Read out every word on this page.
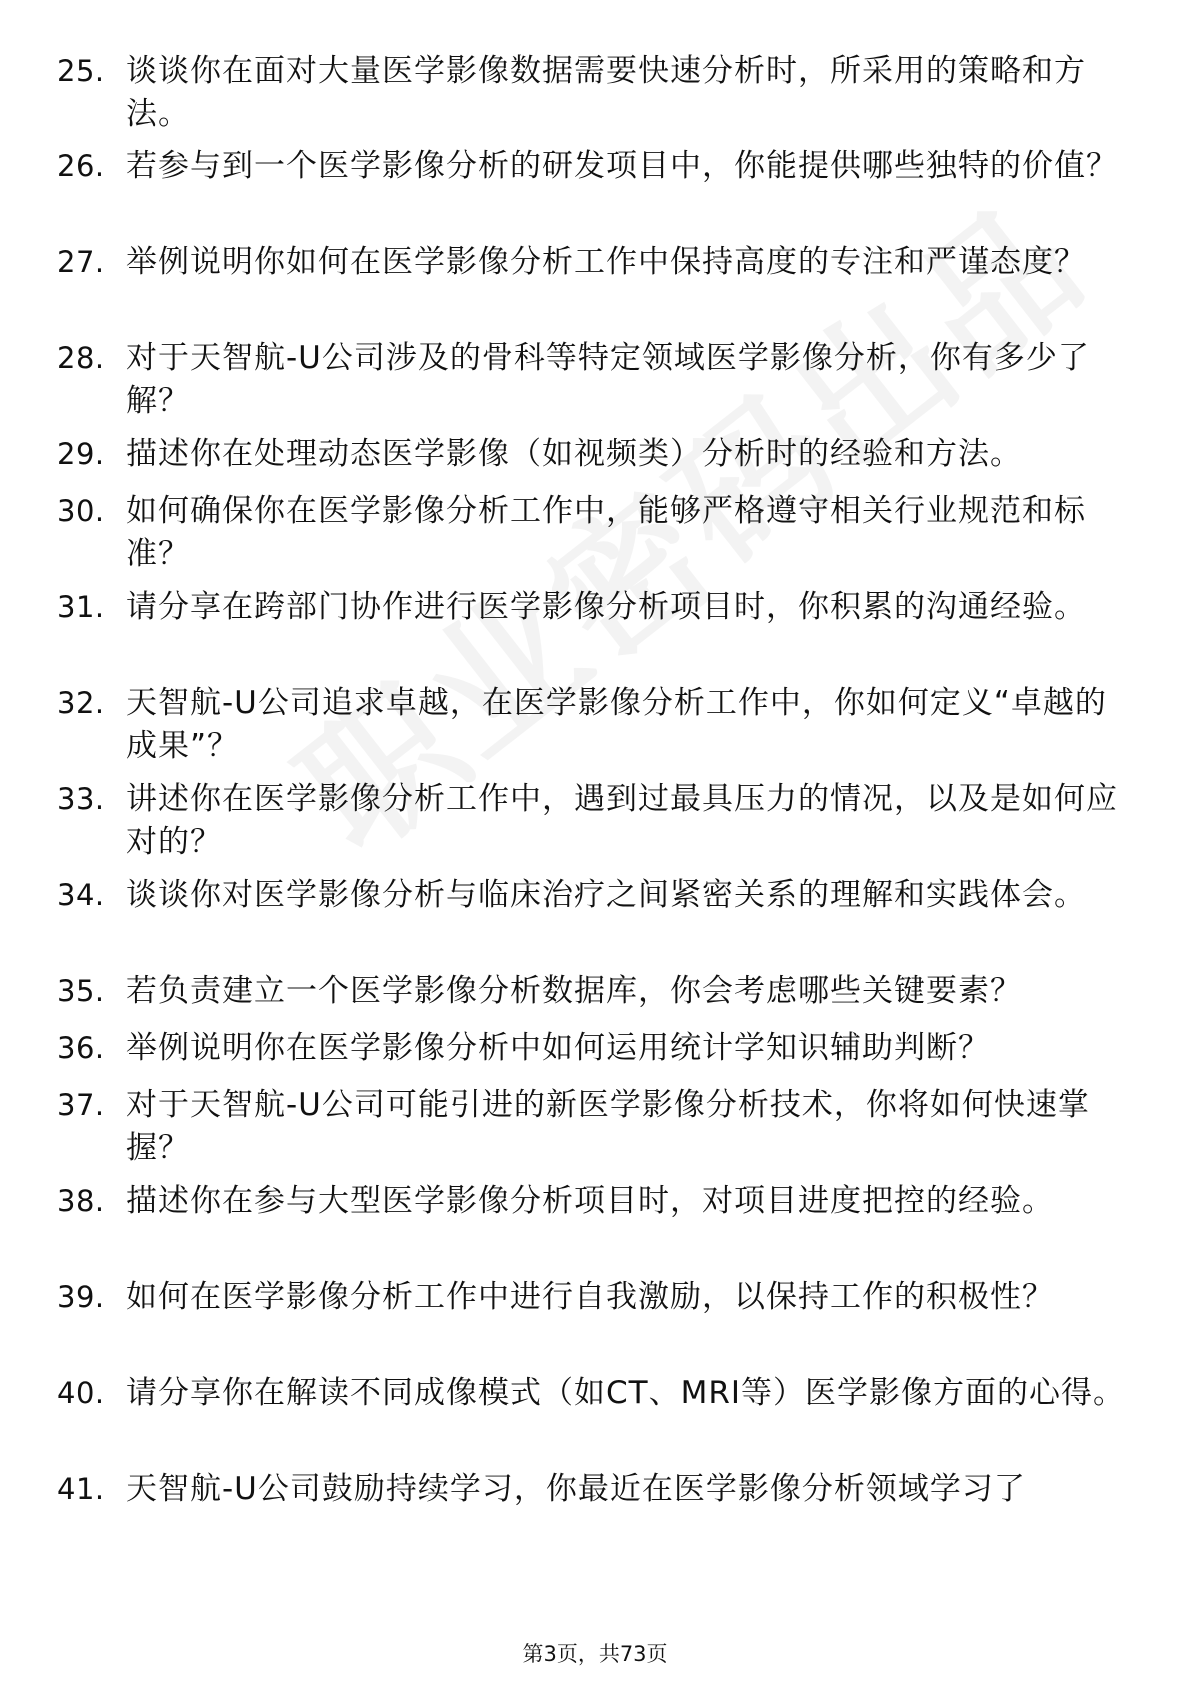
25. 谈谈你在面对大量医学影像数据需要快速分析时，所采用的策略和方法。
26. 若参与到一个医学影像分析的研发项目中，你能提供哪些独特的价值？
27. 举例说明你如何在医学影像分析工作中保持高度的专注和严谨态度？
28. 对于天智航-U公司涉及的骨科等特定领域医学影像分析，你有多少了解？
29. 描述你在处理动态医学影像（如视频类）分析时的经验和方法。
30. 如何确保你在医学影像分析工作中，能够严格遵守相关行业规范和标准？
31. 请分享在跨部门协作进行医学影像分析项目时，你积累的沟通经验。
32. 天智航-U公司追求卓越，在医学影像分析工作中，你如何定义“卓越的成果”？
33. 讲述你在医学影像分析工作中，遇到过最具压力的情况，以及是如何应对的？
34. 谈谈你对医学影像分析与临床治疗之间紧密关系的理解和实践体会。
35. 若负责建立一个医学影像分析数据库，你会考虑哪些关键要素？
36. 举例说明你在医学影像分析中如何运用统计学知识辅助判断？
37. 对于天智航-U公司可能引进的新医学影像分析技术，你将如何快速掌握？
38. 描述你在参与大型医学影像分析项目时，对项目进度把控的经验。
39. 如何在医学影像分析工作中进行自我激励，以保持工作的积极性？
40. 请分享你在解读不同成像模式（如CT、MRI等）医学影像方面的心得。
41. 天智航-U公司鼓励持续学习，你最近在医学影像分析领域学习了
第3页，共73页
